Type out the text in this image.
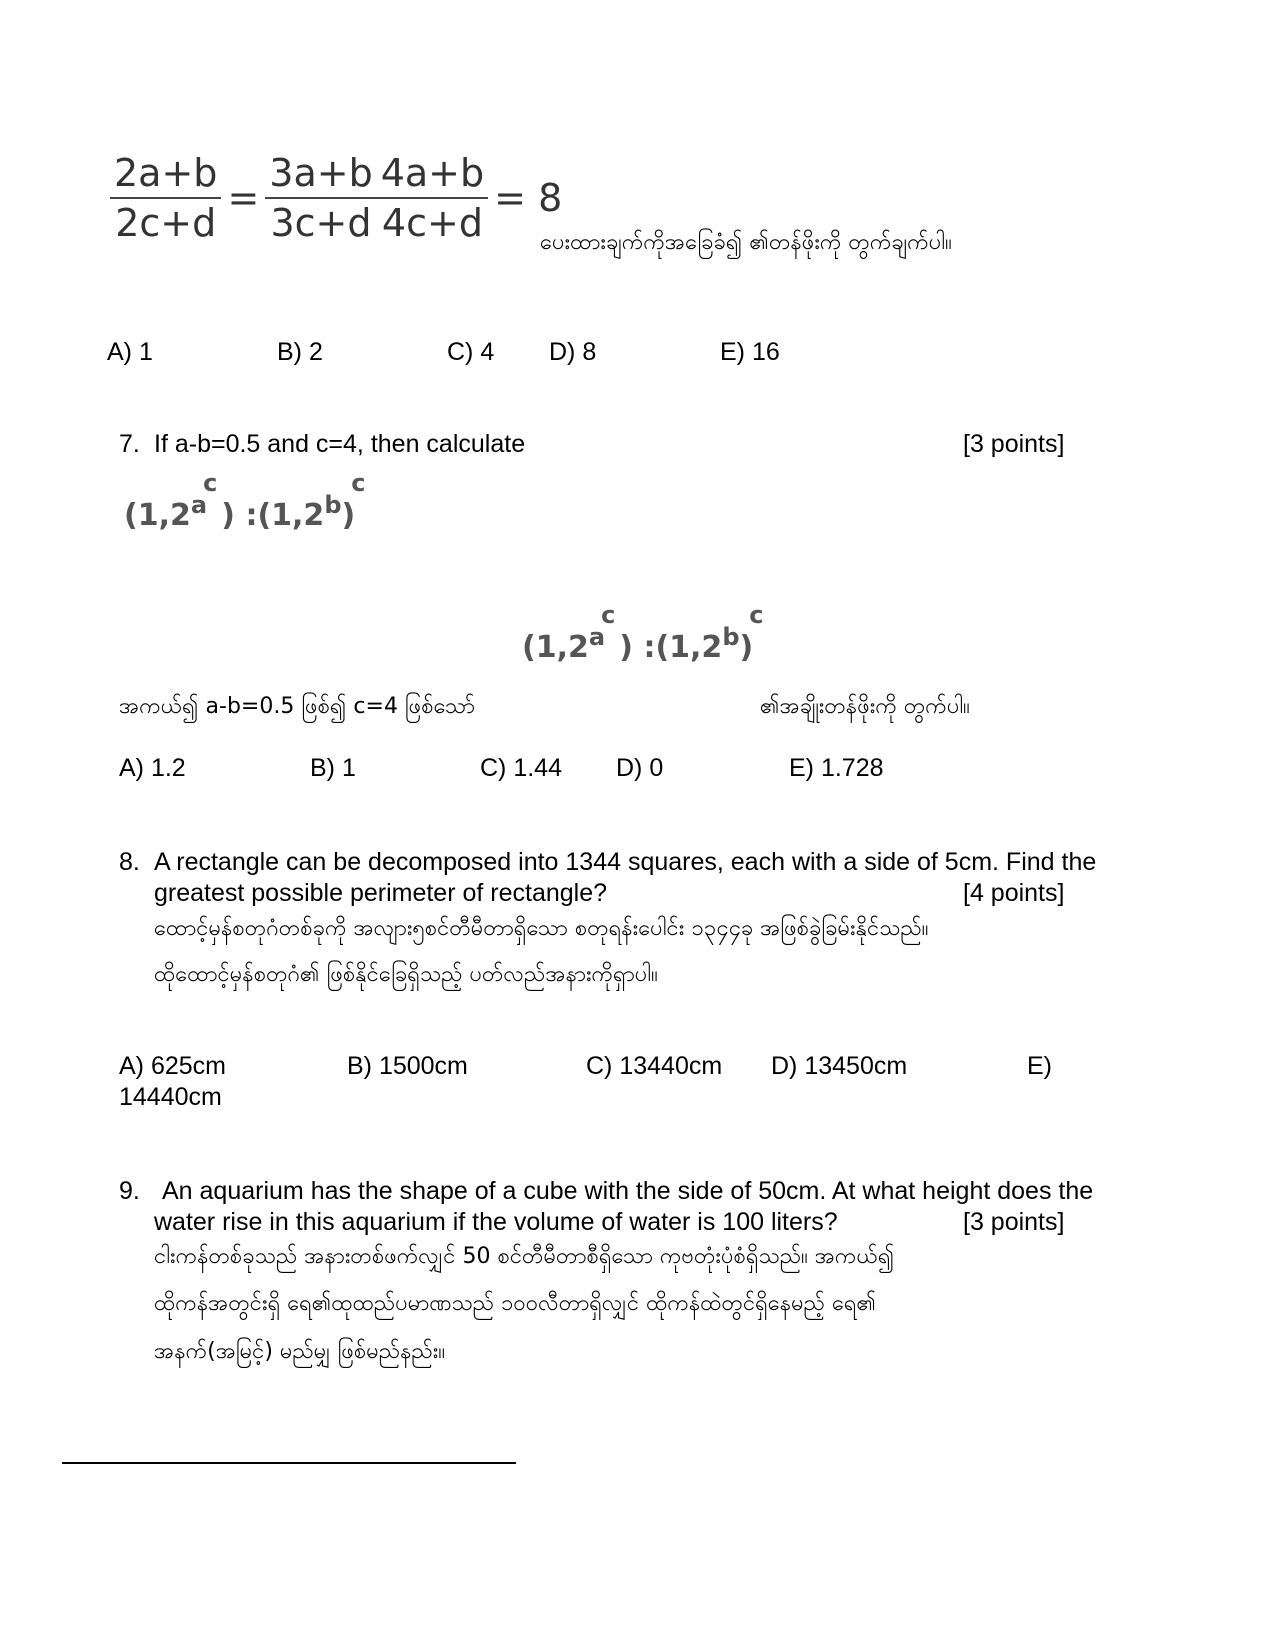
$\frac{2a+b}{2c+d} = \frac{3a+b}{3c+d} \frac{4a+b}{4c+d} = 8$
ပေးထားချက်ကိုအခြေခံ၍ ၏တန်ဖိုးကို တွက်ချက်ပါ။
A) 1	B) 2	C) 4 D) 8	E) 16
7. If a-b=0.5 and c=4, then calculate	[3 points]
(1,2 a
c
) :(1,2 b )
c
(1,2 a
c
) :(1,2 b )
c
အကယ်၍ a-b=0.5 ဖြစ်၍ c=4 ဖြစ်သော်	၏အချိုးတန်ဖိုးကို တွက်ပါ။
A) 1.2	B) 1	C) 1.44 D) 0	E) 1.728
8. A rectangle can be decomposed into 1344 squares, each with a side of 5cm. Find the
greatest possible perimeter of rectangle?	[4 points]
ထောင့်မှန်စတုဂံတစ်ခုကို အလျား၅စင်တီမီတာရှိသော စတုရန်းပေါင်း ၁၃၄၄ခု အဖြစ်ခွဲခြမ်းနိုင်သည်။
ထိုထောင့်မှန်စတုဂံ၏ ဖြစ်နိုင်ခြေရှိသည့် ပတ်လည်အနားကိုရှာပါ။
A) 625cm	B) 1500cm	C) 13440cm D) 13450cm	E)
14440cm
9. An aquarium has the shape of a cube with the side of 50cm. At what height does the
water rise in this aquarium if the volume of water is 100 liters?	[3 points]
ငါးကန်တစ်ခုသည် အနားတစ်ဖက်လျှင် 50 စင်တီမီတာစီရှိသော ကုဗတုံးပုံစံရှိသည်။ အကယ်၍
ထိုကန်အတွင်းရှိ ရေ၏ထုထည်ပမာဏသည် ၁၀၀လီတာရှိလျှင် ထိုကန်ထဲတွင်ရှိနေမည့် ရေ၏
အနက်(အမြင့်) မည်မျှ ဖြစ်မည်နည်း။
